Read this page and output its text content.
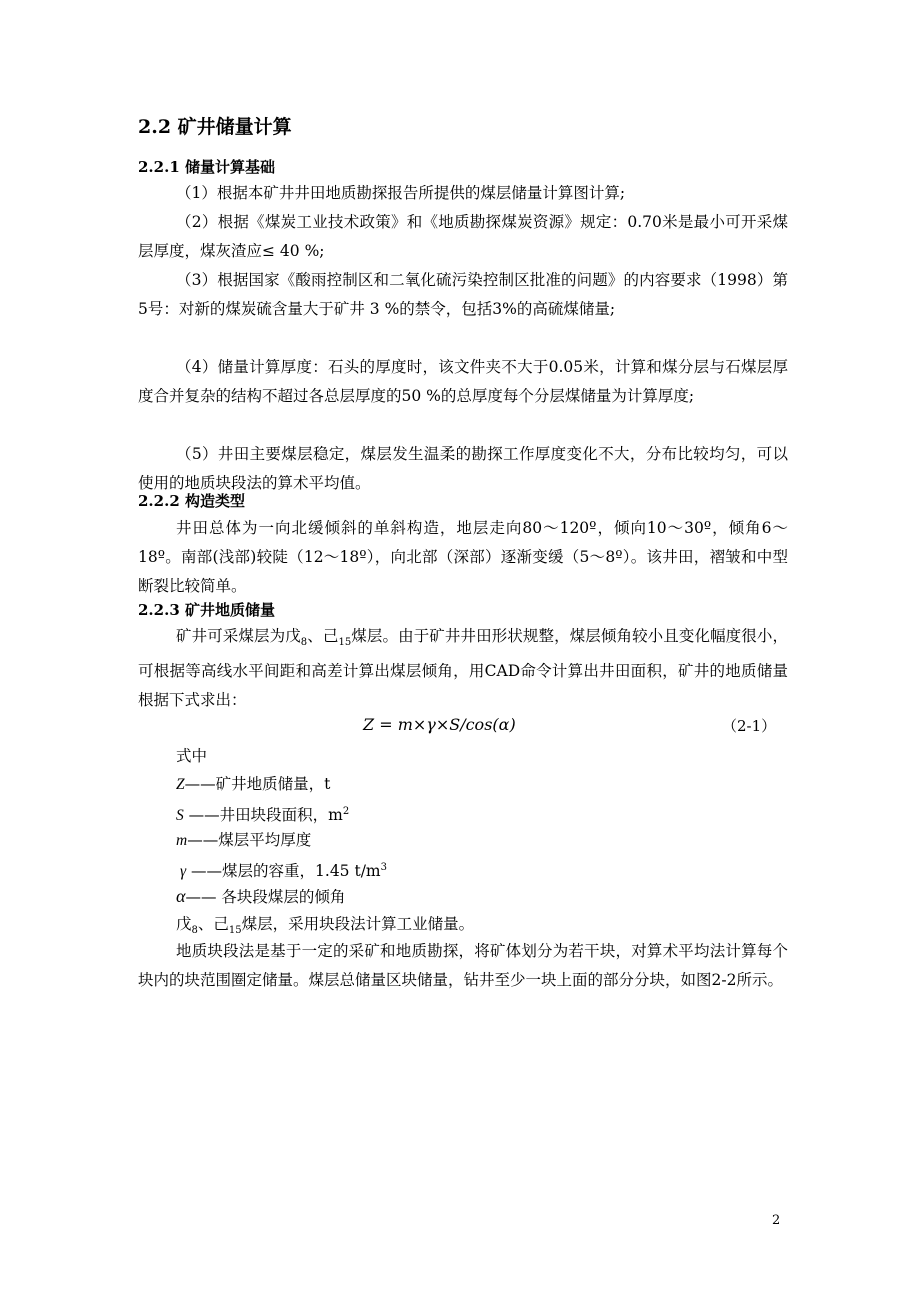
2.2 矿井储量计算
2.2.1 储量计算基础

（1）根据本矿井井田地质勘探报告所提供的煤层储量计算图计算;

（2）根据《煤炭工业技术政策》和《地质勘探煤炭资源》规定：0.70米是最小可开采煤层厚度，煤灰渣应≤ 40 %;

（3）根据国家《酸雨控制区和二氧化硫污染控制区批准的问题》的内容要求（1998）第5号：对新的煤炭硫含量大于矿井 3 %的禁令，包括3%的高硫煤储量;

（4）储量计算厚度：石头的厚度时，该文件夹不大于0.05米，计算和煤分层与石煤层厚度合并复杂的结构不超过各总层厚度的50 %的总厚度每个分层煤储量为计算厚度;

（5）井田主要煤层稳定，煤层发生温柔的勘探工作厚度变化不大，分布比较均匀，可以使用的地质块段法的算术平均值。

2.2.2 构造类型

井田总体为一向北缓倾斜的单斜构造，地层走向80～120º，倾向10～30º，倾角6～18º。南部(浅部)较陡（12～18º），向北部（深部）逐渐变缓（5～8º）。该井田，褶皱和中型断裂比较简单。

2.2.3 矿井地质储量

矿井可采煤层为戊$_8$、己$_{15}$煤层。由于矿井井田形状规整，煤层倾角较小且变化幅度很小，可根据等高线水平间距和高差计算出煤层倾角，用CAD命令计算出井田面积，矿井的地质储量根据下式求出：

Z = m×γ×S/cos(α)	（2-1）
式中
Z——矿井地质储量，t
S ——井田块段面积，$m^2$
m——煤层平均厚度
γ ——煤层的容重，1.45 $t/m^3$
α—— 各块段煤层的倾角
戊$_8$、己$_{15}$煤层，采用块段法计算工业储量。

地质块段法是基于一定的采矿和地质勘探，将矿体划分为若干块，对算术平均法计算每个块内的块范围圈定储量。煤层总储量区块储量，钻井至少一块上面的部分分块，如图2-2所示。

2
